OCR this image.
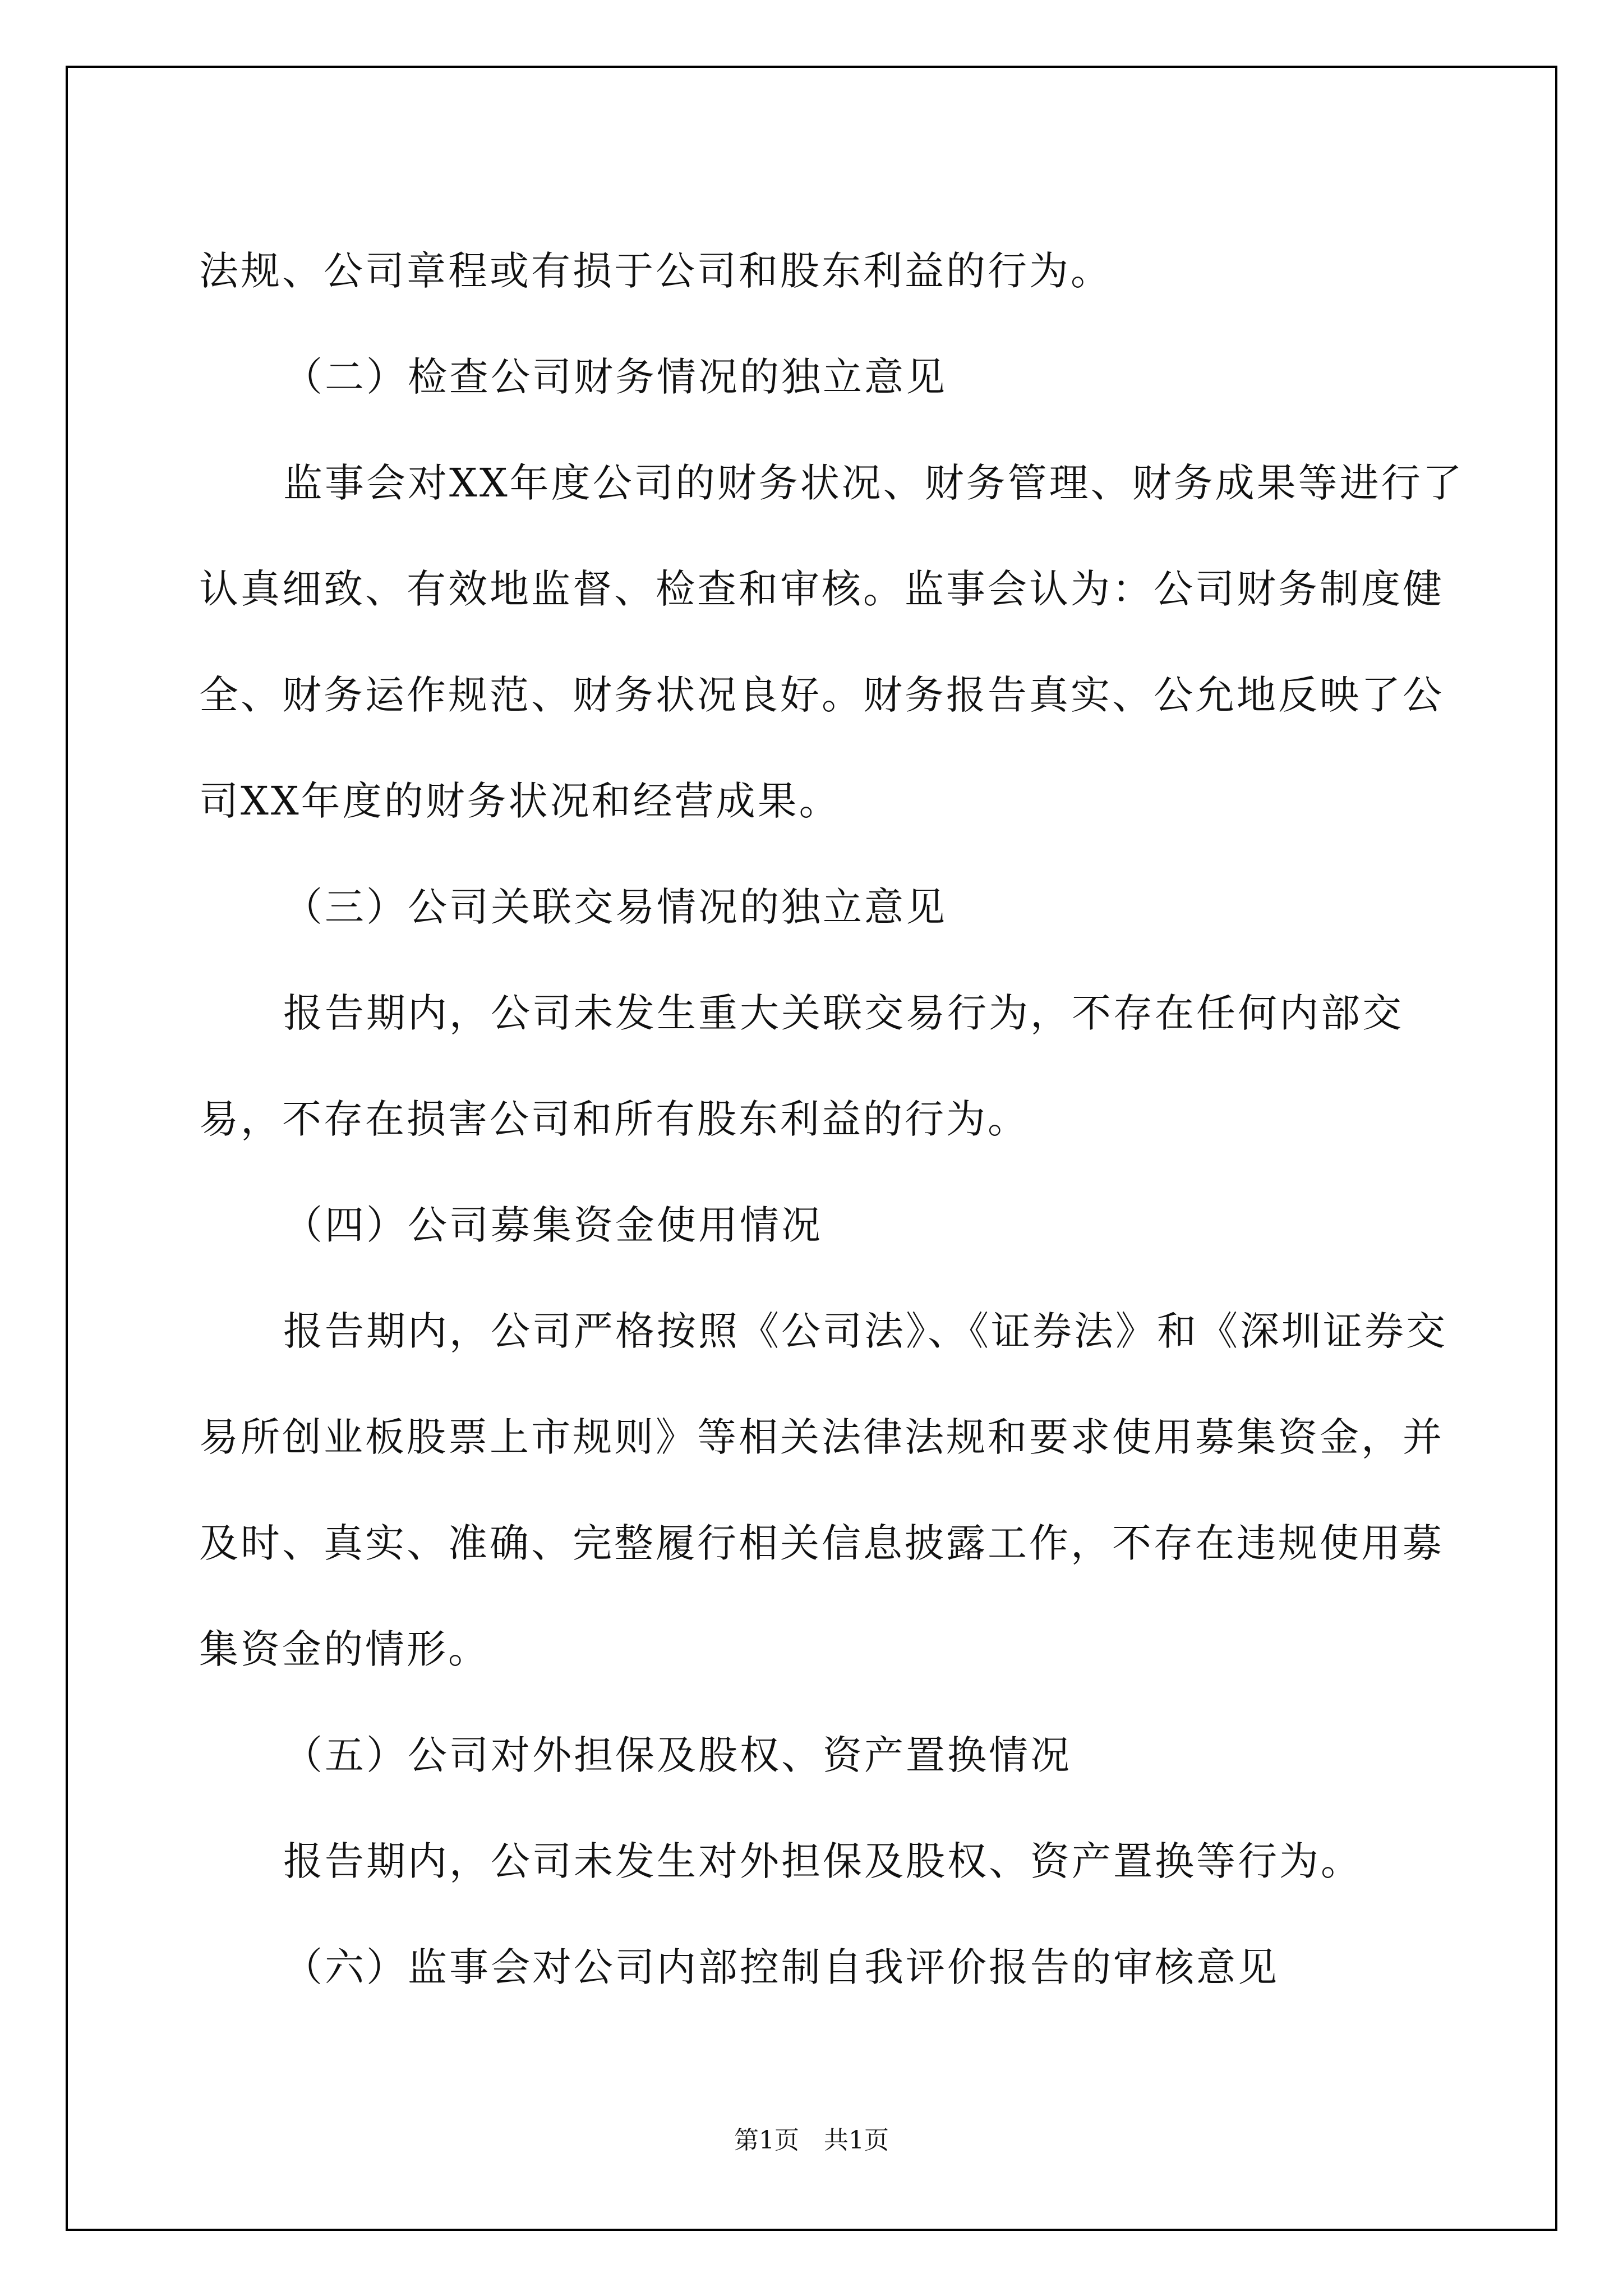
法规、公司章程或有损于公司和股东利益的行为。

（二）检查公司财务情况的独立意见

监事会对XX年度公司的财务状况、财务管理、财务成果等进行了认真细致、有效地监督、检查和审核。监事会认为：公司财务制度健全、财务运作规范、财务状况良好。财务报告真实、公允地反映了公司XX年度的财务状况和经营成果。

（三）公司关联交易情况的独立意见

报告期内，公司未发生重大关联交易行为，不存在任何内部交易，不存在损害公司和所有股东利益的行为。

（四）公司募集资金使用情况

报告期内，公司严格按照《公司法》、《证券法》和《深圳证券交易所创业板股票上市规则》等相关法律法规和要求使用募集资金，并及时、真实、准确、完整履行相关信息披露工作，不存在违规使用募集资金的情形。

（五）公司对外担保及股权、资产置换情况

报告期内，公司未发生对外担保及股权、资产置换等行为。

（六）监事会对公司内部控制自我评价报告的审核意见

第1页　共1页
